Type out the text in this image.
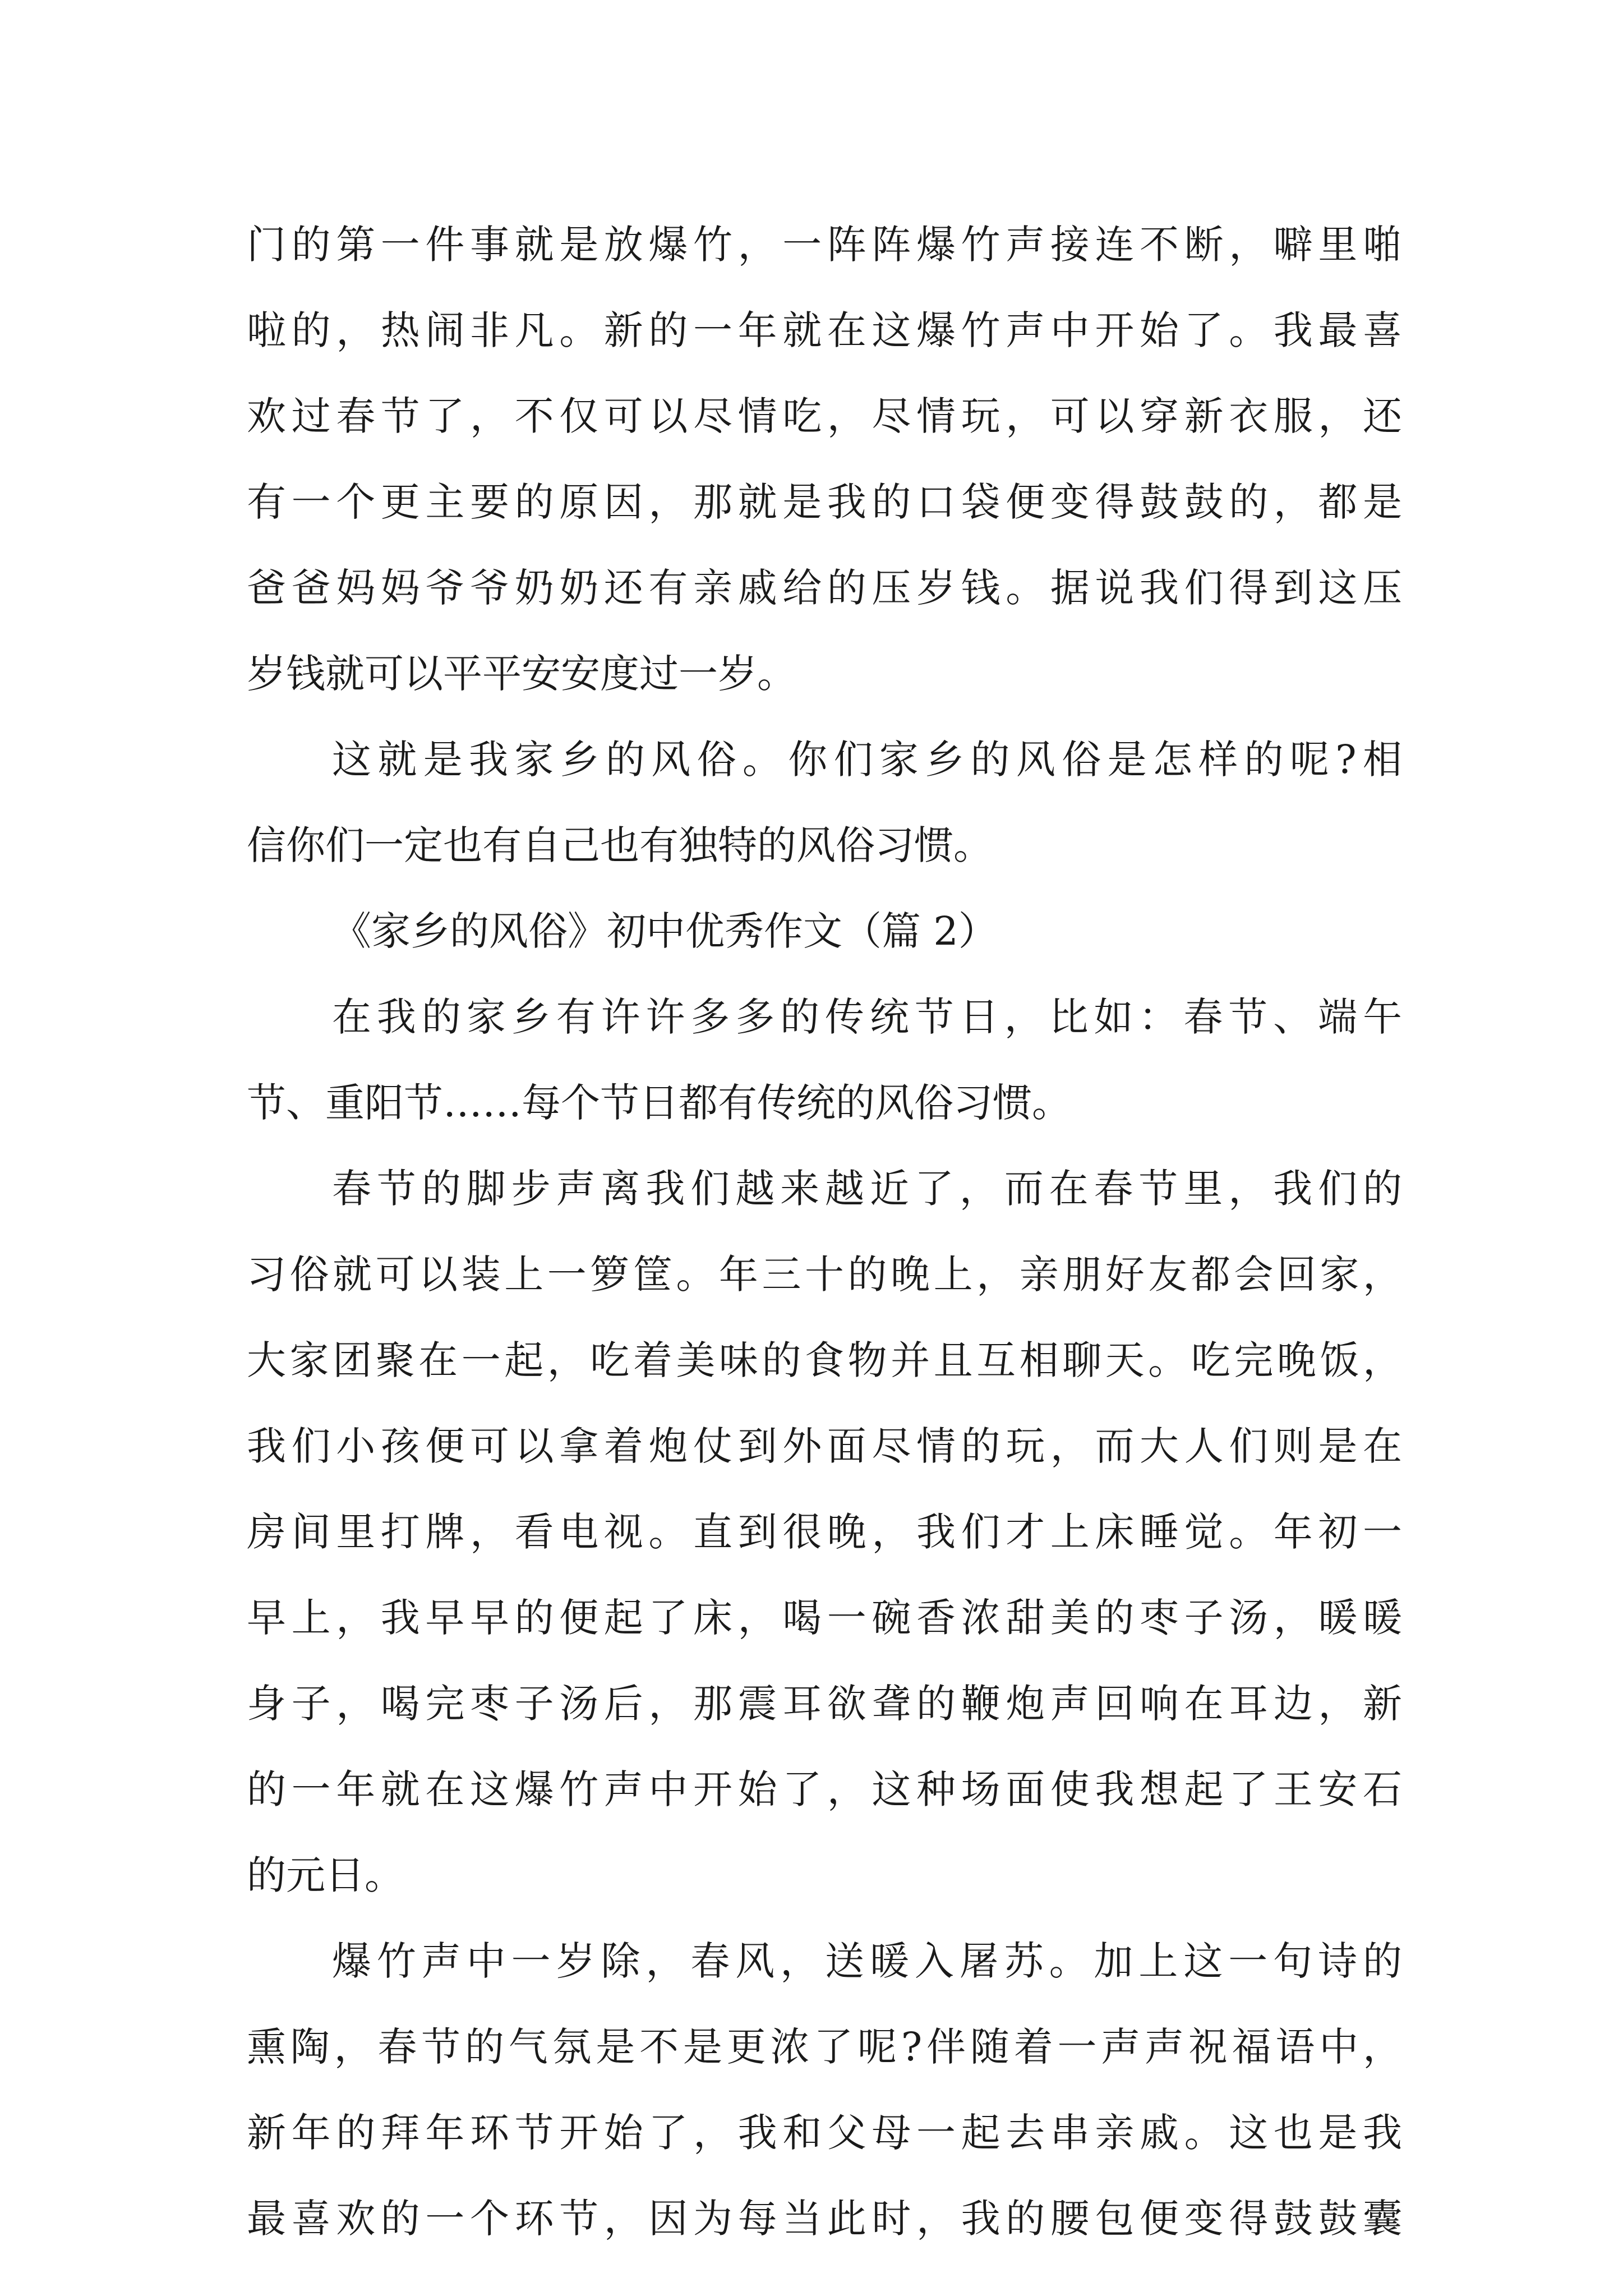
门的第一件事就是放爆竹，一阵阵爆竹声接连不断，噼里啪
啦的，热闹非凡。新的一年就在这爆竹声中开始了。我最喜
欢过春节了，不仅可以尽情吃，尽情玩，可以穿新衣服，还
有一个更主要的原因，那就是我的口袋便变得鼓鼓的，都是
爸爸妈妈爷爷奶奶还有亲戚给的压岁钱。据说我们得到这压
岁钱就可以平平安安度过一岁。
这就是我家乡的风俗。你们家乡的风俗是怎样的呢?相
信你们一定也有自己也有独特的风俗习惯。
《家乡的风俗》初中优秀作文（篇 2）
在我的家乡有许许多多的传统节日，比如：春节、端午
节、重阳节……每个节日都有传统的风俗习惯。
春节的脚步声离我们越来越近了，而在春节里，我们的
习俗就可以装上一箩筐。年三十的晚上，亲朋好友都会回家，
大家团聚在一起，吃着美味的食物并且互相聊天。吃完晚饭，
我们小孩便可以拿着炮仗到外面尽情的玩，而大人们则是在
房间里打牌，看电视。直到很晚，我们才上床睡觉。年初一
早上，我早早的便起了床，喝一碗香浓甜美的枣子汤，暖暖
身子，喝完枣子汤后，那震耳欲聋的鞭炮声回响在耳边，新
的一年就在这爆竹声中开始了，这种场面使我想起了王安石
的元日。
爆竹声中一岁除，春风，送暖入屠苏。加上这一句诗的
熏陶，春节的气氛是不是更浓了呢?伴随着一声声祝福语中，
新年的拜年环节开始了，我和父母一起去串亲戚。这也是我
最喜欢的一个环节，因为每当此时，我的腰包便变得鼓鼓囊
